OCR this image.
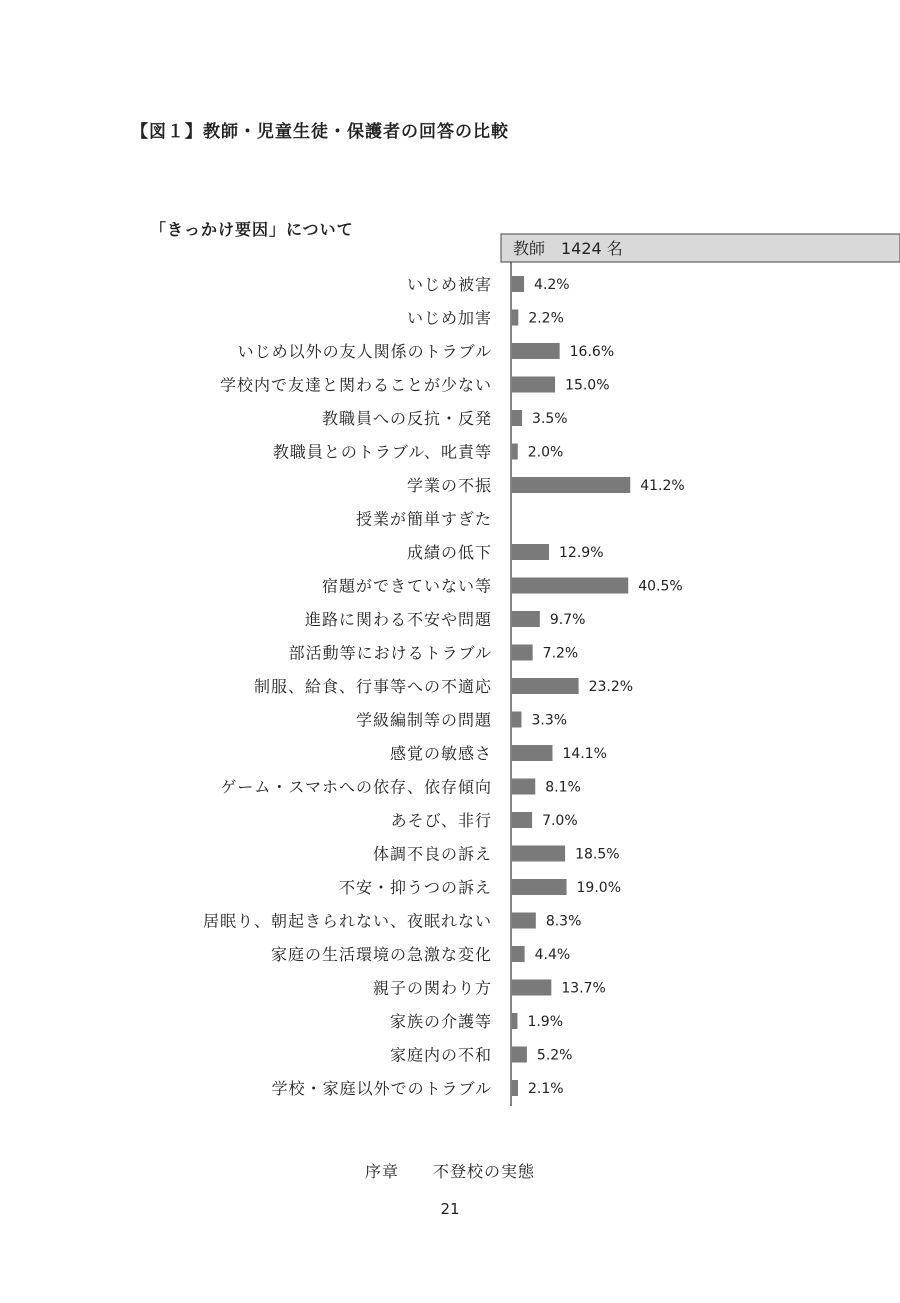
【図１】教師・児童生徒・保護者の回答の比較
「きっかけ要因」について
教師　1424 名
いじめ被害	4.2%
いじめ加害	2.2%
いじめ以外の友人関係のトラブル	16.6%
学校内で友達と関わることが少ない	15.0%
教職員への反抗・反発	3.5%
教職員とのトラブル、叱責等	2.0%
学業の不振	41.2%
授業が簡単すぎた
成績の低下	12.9%
宿題ができていない等	40.5%
進路に関わる不安や問題	9.7%
部活動等におけるトラブル	7.2%
制服、給食、行事等への不適応	23.2%
学級編制等の問題	3.3%
感覚の敏感さ	14.1%
ゲーム・スマホへの依存、依存傾向	8.1%
あそび、非行	7.0%
体調不良の訴え	18.5%
不安・抑うつの訴え	19.0%
居眠り、朝起きられない、夜眠れない	8.3%
家庭の生活環境の急激な変化	4.4%
親子の関わり方	13.7%
家族の介護等	1.9%
家庭内の不和	5.2%
学校・家庭以外でのトラブル	2.1%
序章　　不登校の実態
21
